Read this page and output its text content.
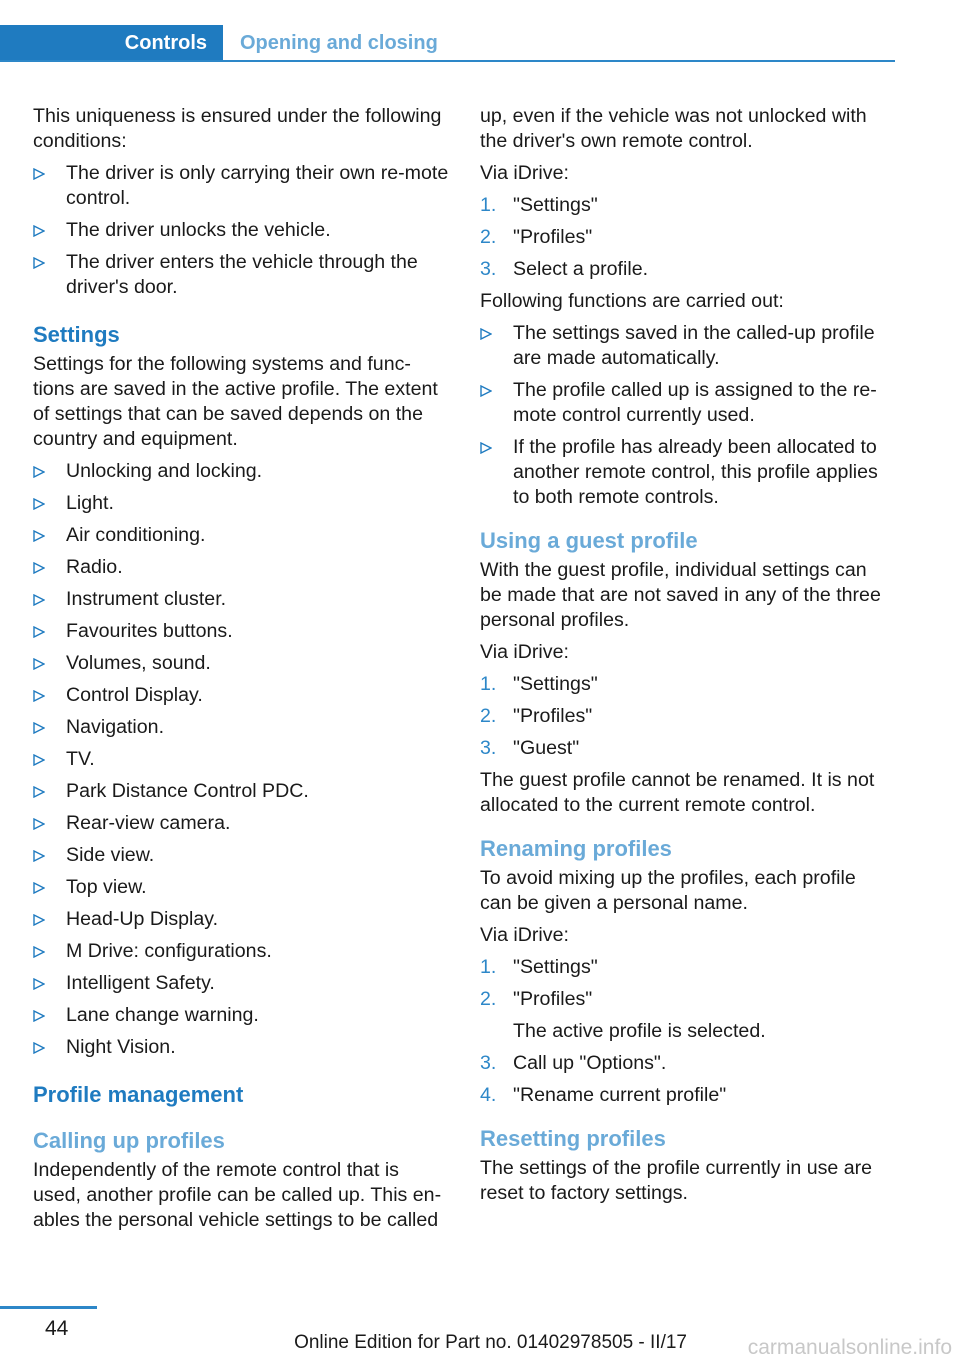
Controls	Opening and closing

This uniqueness is ensured under the following conditions:

The driver is only carrying their own re-mote control.
The driver unlocks the vehicle.
The driver enters the vehicle through the driver's door.
Settings

Settings for the following systems and func-tions are saved in the active profile. The extent of settings that can be saved depends on the country and equipment.

Unlocking and locking.
Light.
Air conditioning.
Radio.
Instrument cluster.
Favourites buttons.
Volumes, sound.
Control Display.
Navigation.
TV.
Park Distance Control PDC.
Rear-view camera.
Side view.
Top view.
Head-Up Display.
M Drive: configurations.
Intelligent Safety.
Lane change warning.
Night Vision.
Profile management
Calling up profiles

Independently of the remote control that is used, another profile can be called up. This en-ables the personal vehicle settings to be called

up, even if the vehicle was not unlocked with the driver's own remote control.

Via iDrive:

1. "Settings"
2. "Profiles"
3. Select a profile.

Following functions are carried out:

The settings saved in the called-up profile are made automatically.
The profile called up is assigned to the re-mote control currently used.
If the profile has already been allocated to another remote control, this profile applies to both remote controls.
Using a guest profile

With the guest profile, individual settings can be made that are not saved in any of the three personal profiles.

Via iDrive:

1. "Settings"
2. "Profiles"
3. "Guest"

The guest profile cannot be renamed. It is not allocated to the current remote control.

Renaming profiles

To avoid mixing up the profiles, each profile can be given a personal name.

Via iDrive:

1. "Settings"
2. "Profiles"
The active profile is selected.
3. Call up "Options".
4. "Rename current profile"
Resetting profiles

The settings of the profile currently in use are reset to factory settings.

44
carmanualsonline.info
Online Edition for Part no. 01402978505 - II/17
